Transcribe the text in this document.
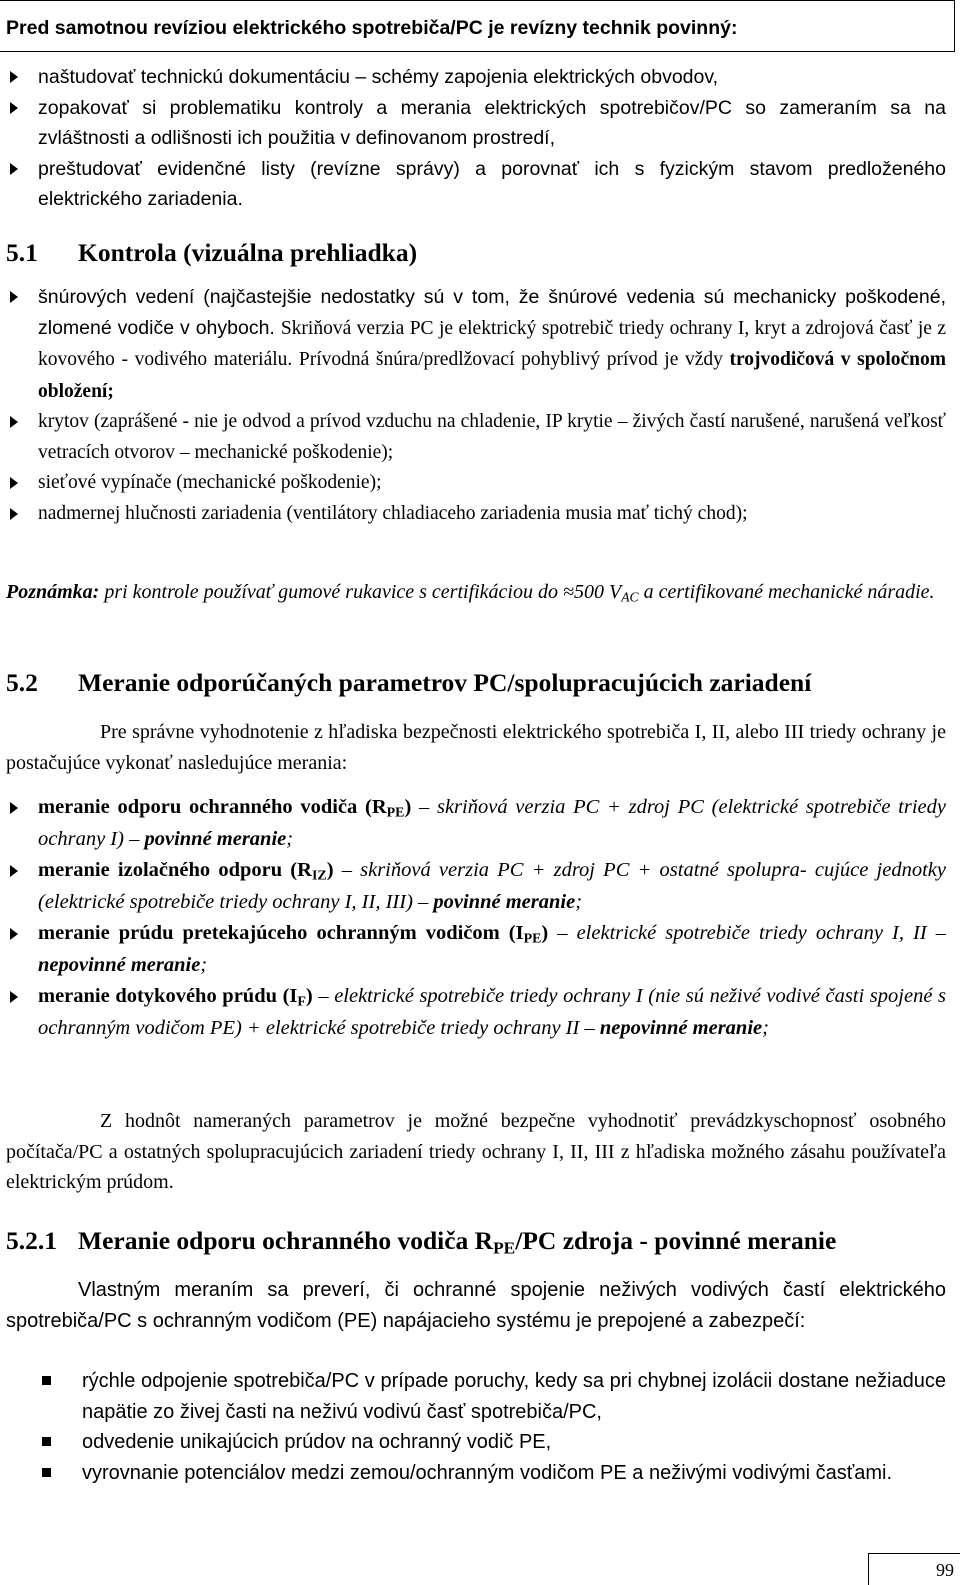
Pred samotnou revíziou elektrického spotrebiča/PC je revízny technik povinný:
naštudovať technickú dokumentáciu – schémy zapojenia elektrických obvodov,
zopakovať si problematiku kontroly a merania elektrických spotrebičov/PC so zameraním sa na zvláštnosti a odlišnosti ich použitia v definovanom prostredí,
preštudovať evidenčné listy (revízne správy) a porovnať ich s fyzickým stavom predloženého elektrického zariadenia.
5.1 Kontrola (vizuálna prehliadka)
šnúrových vedení (najčastejšie nedostatky sú v tom, že šnúrové vedenia sú mechanicky poškodené, zlomené vodiče v ohyboch. Skriňová verzia PC je elektrický spotrebič triedy ochrany I, kryt a zdrojová časť je z kovového - vodivého materiálu. Prívodná šnúra/predlžovací pohyblivý prívod je vždy trojvodičová v spoločnom obložení;
krytov (zaprášené - nie je odvod a prívod vzduchu na chladenie, IP krytie – živých častí narušené, narušená veľkosť vetracích otvorov – mechanické poškodenie);
sieťové vypínače (mechanické poškodenie);
nadmernej hlučnosti zariadenia (ventilátory chladiaceho zariadenia musia mať tichý chod);
Poznámka: pri kontrole používať gumové rukavice s certifikáciou do ≈500 $V_{AC}$ a certifikované mechanické náradie.
5.2 Meranie odporúčaných parametrov PC/spolupracujúcich zariadení
Pre správne vyhodnotenie z hľadiska bezpečnosti elektrického spotrebiča I, II, alebo III triedy ochrany je postačujúce vykonať nasledujúce merania:
meranie odporu ochranného vodiča $(R_{PE})$ – skriňová verzia PC + zdroj PC (elektrické spotrebiče triedy ochrany I) – povinné meranie;
meranie izolačného odporu $(R_{IZ})$ – skriňová verzia PC + zdroj PC + ostatné spolupra- cujúce jednotky (elektrické spotrebiče triedy ochrany I, II, III) – povinné meranie;
meranie prúdu pretekajúceho ochranným vodičom $(I_{PE})$ – elektrické spotrebiče triedy ochrany I, II – nepovinné meranie;
meranie dotykového prúdu $(I_F)$ – elektrické spotrebiče triedy ochrany I (nie sú neživé vodivé časti spojené s ochranným vodičom PE) + elektrické spotrebiče triedy ochrany II – nepovinné meranie;
Z hodnôt nameraných parametrov je možné bezpečne vyhodnotiť prevádzkyschopnosť osobného počítača/PC a ostatných spolupracujúcich zariadení triedy ochrany I, II, III z hľadiska možného zásahu používateľa elektrickým prúdom.
5.2.1 Meranie odporu ochranného vodiča $R_{PE}/PC$ zdroja - povinné meranie
Vlastným meraním sa preverí, či ochranné spojenie neživých vodivých častí elektrického spotrebiča/PC s ochranným vodičom (PE) napájacieho systému je prepojené a zabezpečí:
rýchle odpojenie spotrebiča/PC v prípade poruchy, kedy sa pri chybnej izolácii dostane nežiaduce napätie zo živej časti na neživú vodivú časť spotrebiča/PC,
odvedenie unikajúcich prúdov na ochranný vodič PE,
vyrovnanie potenciálov medzi zemou/ochranným vodičom PE a neživými vodivými časťami.
99
